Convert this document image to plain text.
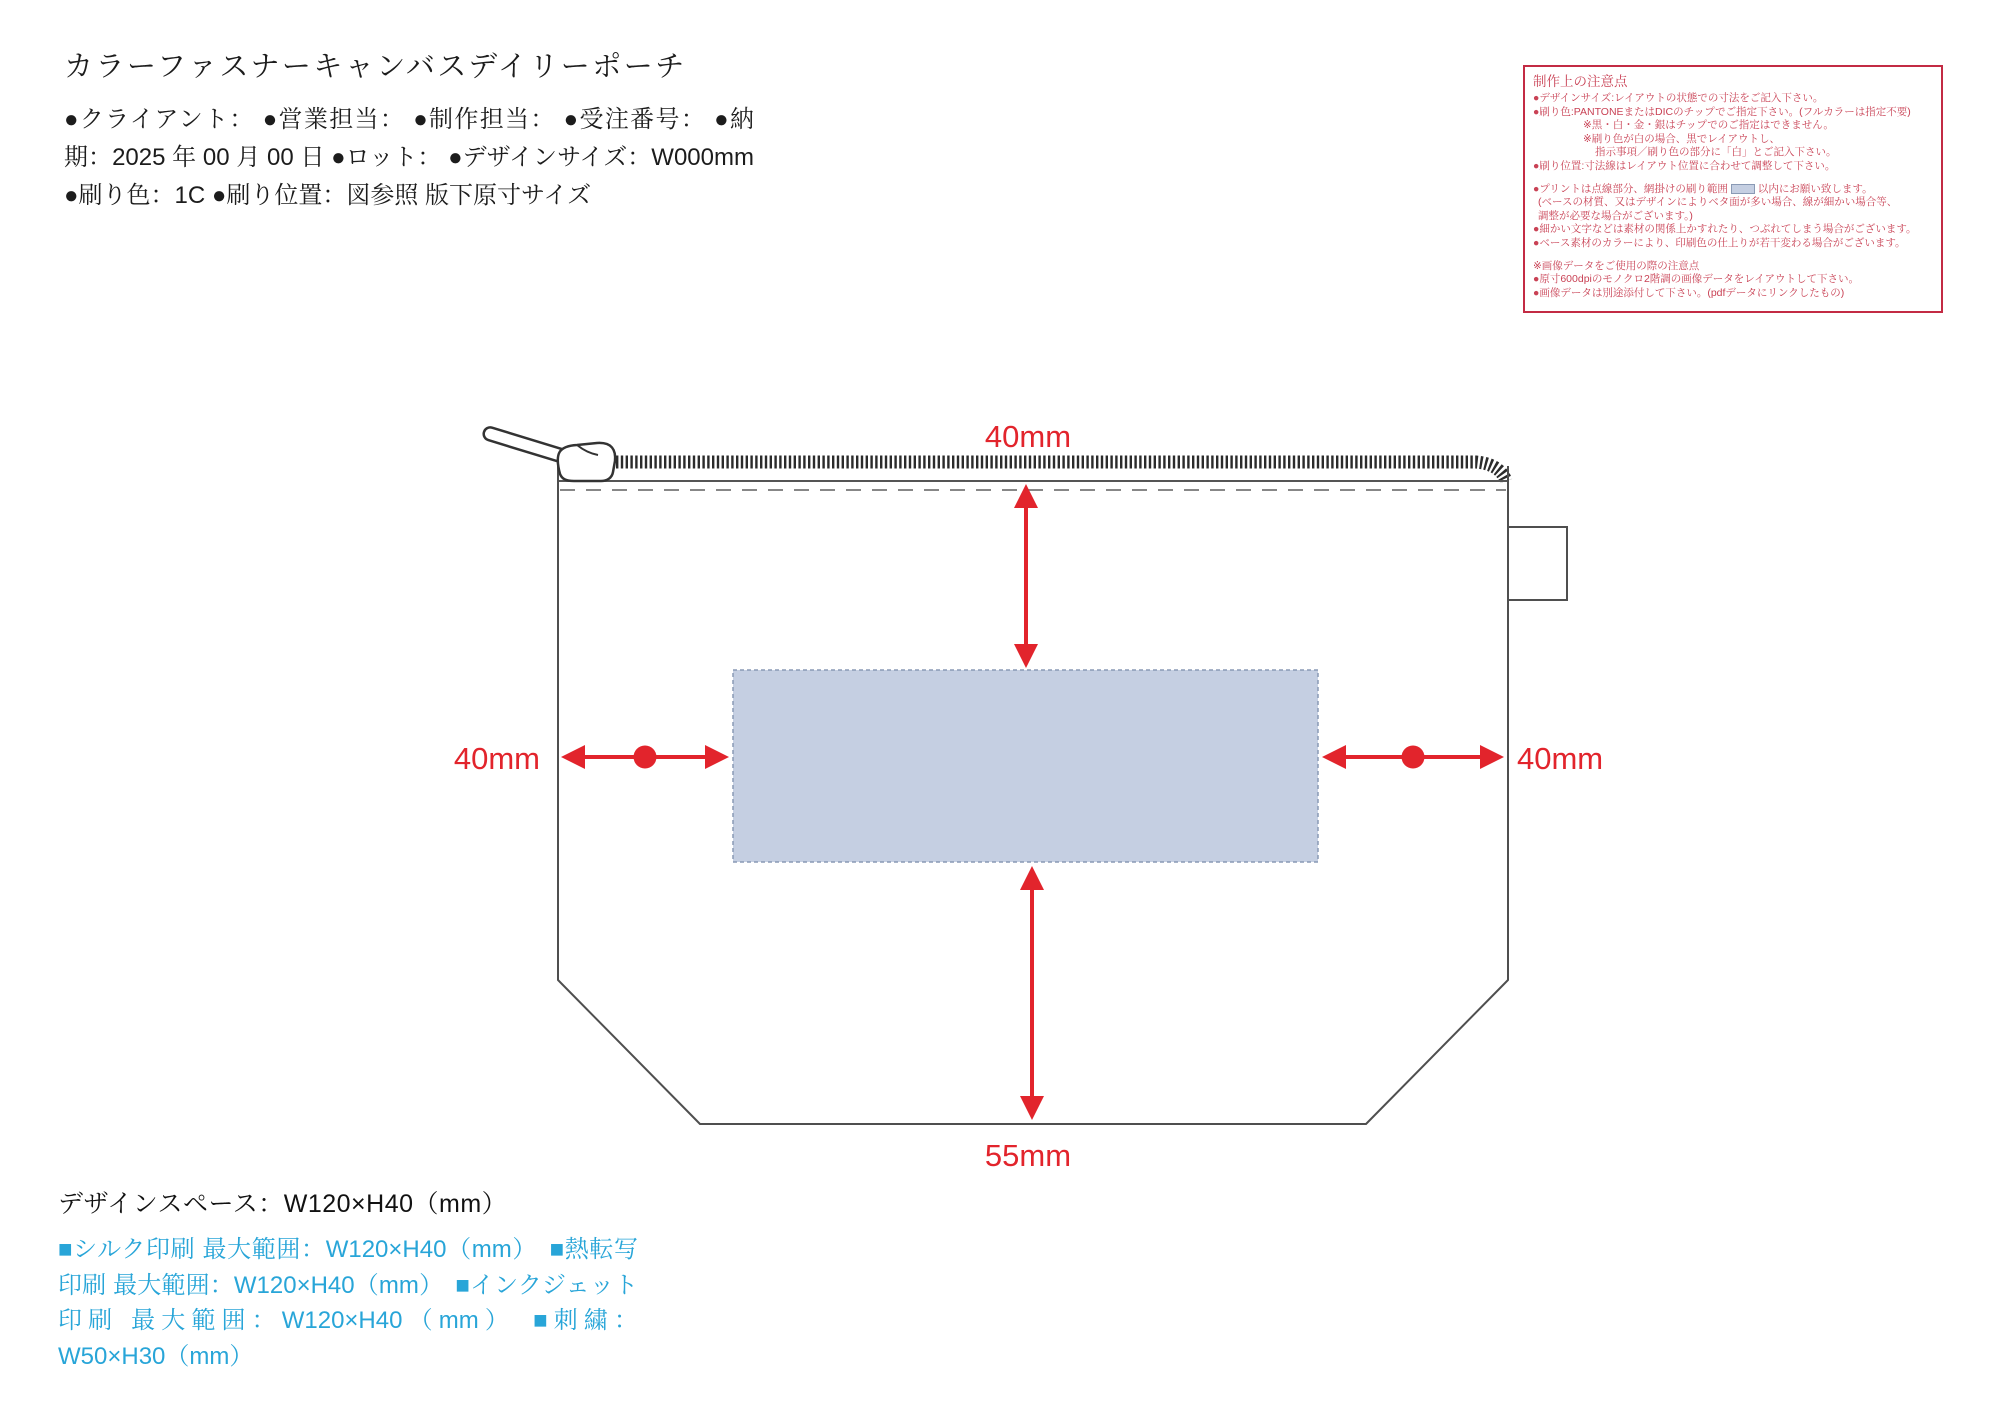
カラーファスナーキャンバスデイリーポーチ
●クライアント： ●営業担当： ●制作担当： ●受注番号： ●納期：2025 年 00 月 00 日 ●ロット： ●デザインサイズ：W000mm ●刷り色：1C ●刷り位置：図参照 版下原寸サイズ
制作上の注意点
●デザインサイズ:レイアウトの状態での寸法をご記入下さい。
●刷り色:PANTONEまたはDICのチップでご指定下さい。(フルカラーは指定不要)
※黒・白・金・銀はチップでのご指定はできません。
※刷り色が白の場合、黒でレイアウトし、
指示事項／刷り色の部分に「白」とご記入下さい。
●刷り位置:寸法線はレイアウト位置に合わせて調整して下さい。
●プリントは点線部分、網掛けの刷り範囲	以内にお願い致します。
(ベースの材質、又はデザインによりベタ面が多い場合、線が細かい場合等、
調整が必要な場合がございます。)
●細かい文字などは素材の関係上かすれたり、つぶれてしまう場合がございます。
●ベース素材のカラーにより、印刷色の仕上りが若干変わる場合がございます。
※画像データをご使用の際の注意点
●原寸600dpiのモノクロ2階調の画像データをレイアウトして下さい。
●画像データは別途添付して下さい。(pdfデータにリンクしたもの)
40mm
40mm	40mm
55mm
デザインスペース：W120×H40（mm）
■シルク印刷 最大範囲：W120×H40（mm）　■熱転写印刷 最大範囲：W120×H40（mm）　■インクジェット印刷 最大範囲：W120×H40（mm）　■刺繍：W50×H30（mm）
